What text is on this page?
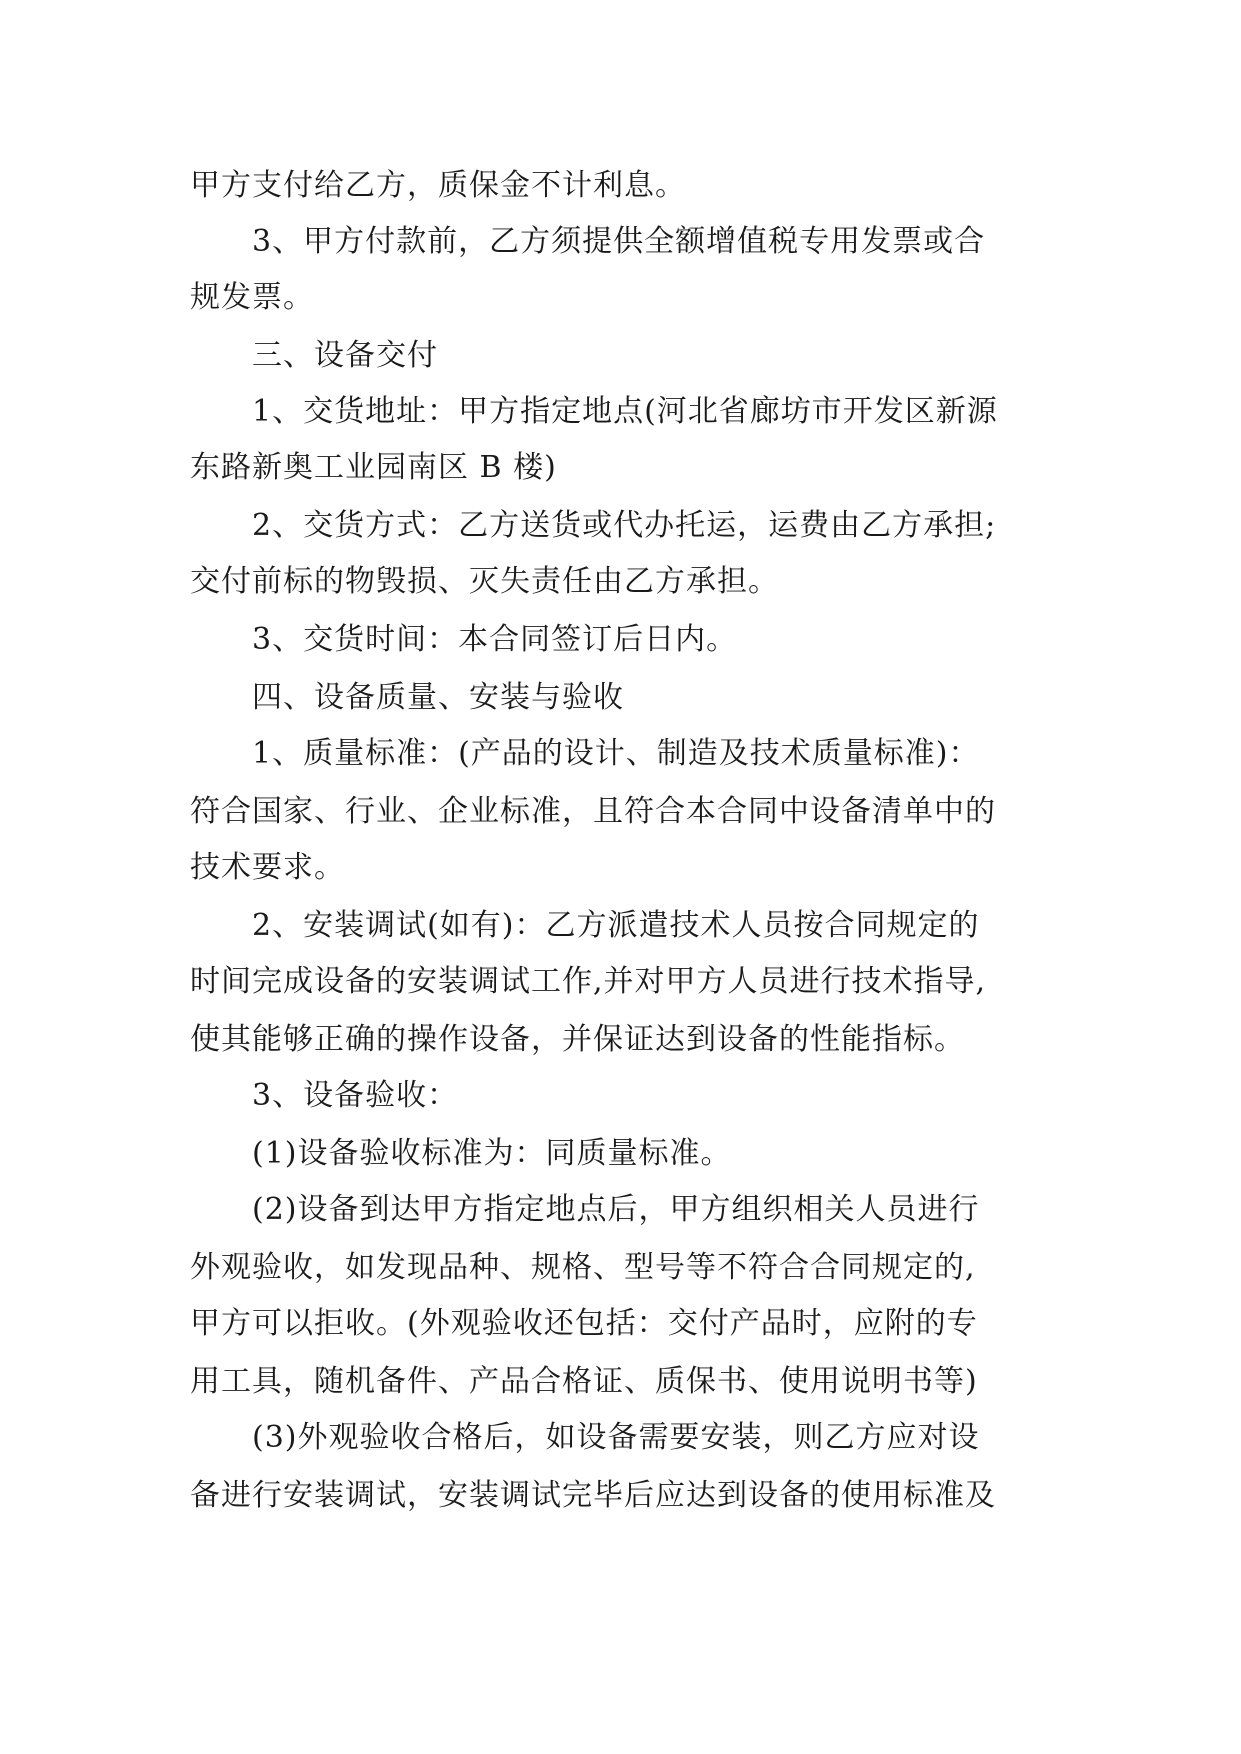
甲方支付给乙方，质保金不计利息。
3、甲方付款前，乙方须提供全额增值税专用发票或合
规发票。
三、设备交付
1、交货地址：甲方指定地点(河北省廊坊市开发区新源
东路新奥工业园南区 B 楼)
2、交货方式：乙方送货或代办托运，运费由乙方承担;
交付前标的物毁损、灭失责任由乙方承担。
3、交货时间：本合同签订后日内。
四、设备质量、安装与验收
1、质量标准：(产品的设计、制造及技术质量标准)：
符合国家、行业、企业标准，且符合本合同中设备清单中的
技术要求。
2、安装调试(如有)：乙方派遣技术人员按合同规定的
时间完成设备的安装调试工作,并对甲方人员进行技术指导,
使其能够正确的操作设备，并保证达到设备的性能指标。
3、设备验收：
(1)设备验收标准为：同质量标准。
(2)设备到达甲方指定地点后，甲方组织相关人员进行
外观验收，如发现品种、规格、型号等不符合合同规定的,
甲方可以拒收。(外观验收还包括：交付产品时，应附的专
用工具，随机备件、产品合格证、质保书、使用说明书等)
(3)外观验收合格后，如设备需要安装，则乙方应对设
备进行安装调试，安装调试完毕后应达到设备的使用标准及
